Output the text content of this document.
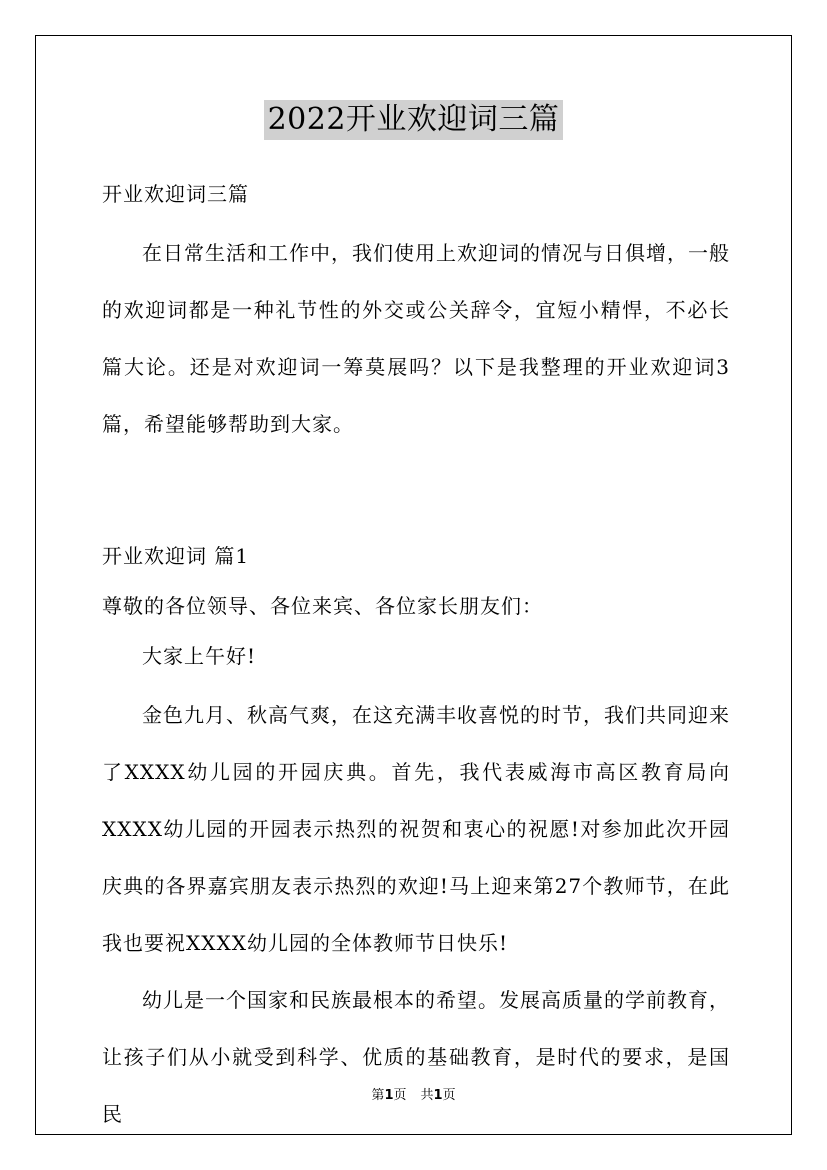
2022开业欢迎词三篇

开业欢迎词三篇

在日常生活和工作中，我们使用上欢迎词的情况与日俱增，一般的欢迎词都是一种礼节性的外交或公关辞令，宜短小精悍，不必长篇大论。还是对欢迎词一筹莫展吗？以下是我整理的开业欢迎词3篇，希望能够帮助到大家。

开业欢迎词 篇1

尊敬的各位领导、各位来宾、各位家长朋友们：

大家上午好!

金色九月、秋高气爽，在这充满丰收喜悦的时节，我们共同迎来了XXXX幼儿园的开园庆典。首先，我代表威海市高区教育局向XXXX幼儿园的开园表示热烈的祝贺和衷心的祝愿!对参加此次开园庆典的各界嘉宾朋友表示热烈的欢迎!马上迎来第27个教师节，在此我也要祝XXXX幼儿园的全体教师节日快乐!

幼儿是一个国家和民族最根本的希望。发展高质量的学前教育，让孩子们从小就受到科学、优质的基础教育，是时代的要求，是国民

第1页 共1页
